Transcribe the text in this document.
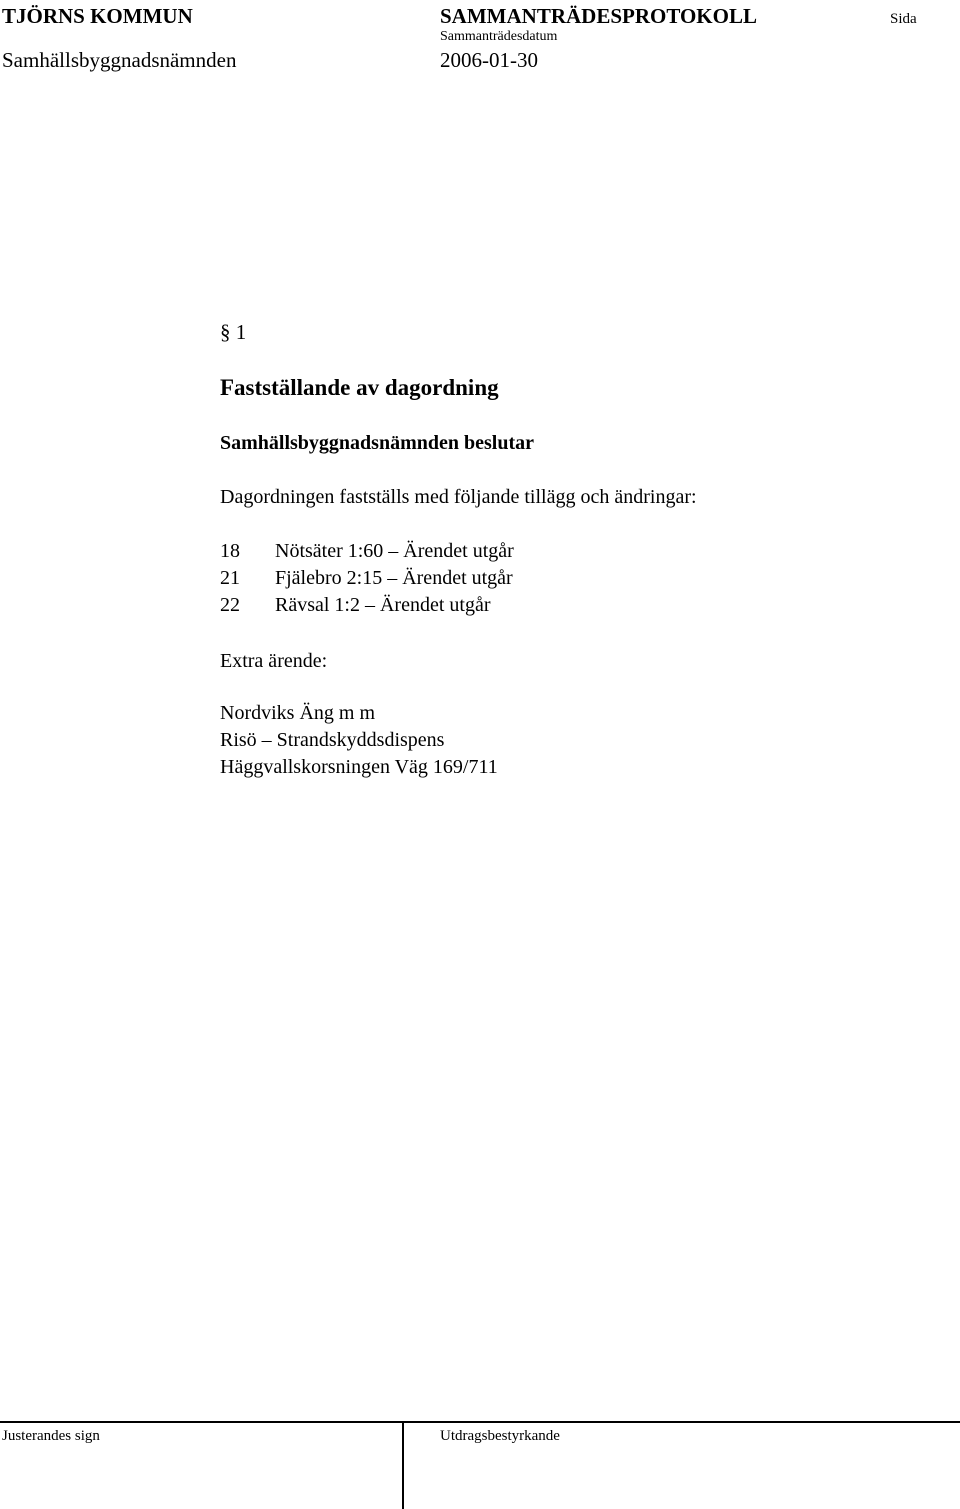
TJÖRNS KOMMUN	SAMMANTRÄDESPROTOKOLL	Sida
Sammanträdesdatum
Samhällsbyggnadsnämnden	2006-01-30
§ 1
Fastställande av dagordning
Samhällsbyggnadsnämnden beslutar
Dagordningen fastställs med följande tillägg och ändringar:
18	Nötsäter 1:60 – Ärendet utgår
21	Fjälebro 2:15 – Ärendet utgår
22	Rävsal 1:2 – Ärendet utgår
Extra ärende:
Nordviks Äng m m
Risö – Strandskyddsdispens
Häggvallskorsningen Väg 169/711
Justerandes sign	Utdragsbestyrkande
